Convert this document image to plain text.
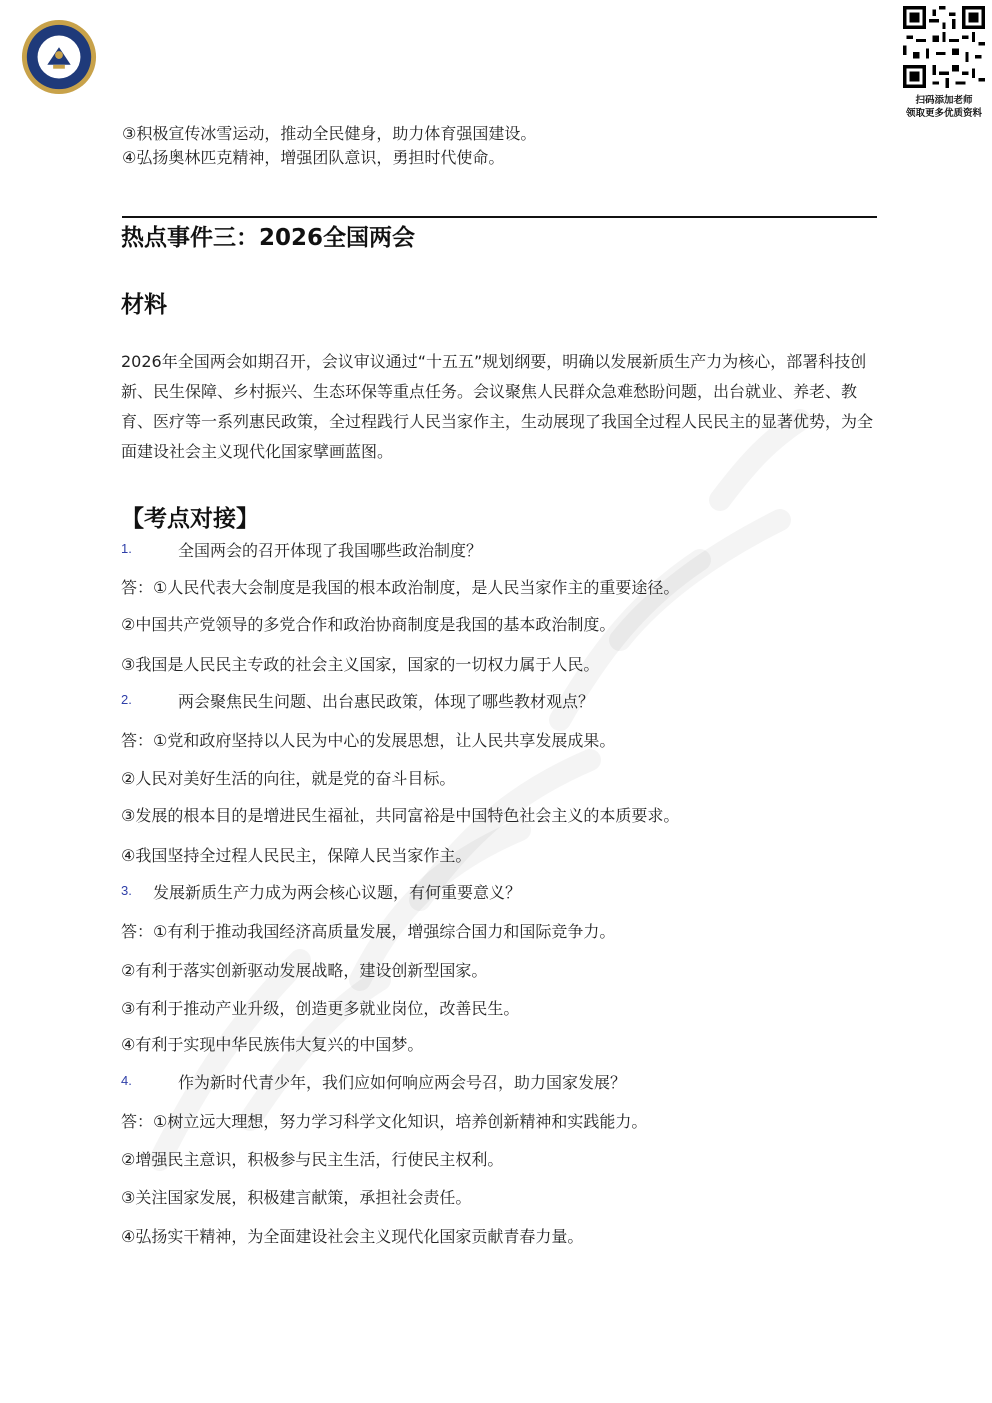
扫码添加老师
领取更多优质资料
③积极宣传冰雪运动，推动全民健身，助力体育强国建设。
④弘扬奥林匹克精神，增强团队意识，勇担时代使命。
热点事件三：2026全国两会
材料
2026年全国两会如期召开，会议审议通过“十五五”规划纲要，明确以发展新质生产力为核心，部署科技创新、民生保障、乡村振兴、生态环保等重点任务。会议聚焦人民群众急难愁盼问题，出台就业、养老、教育、医疗等一系列惠民政策，全过程践行人民当家作主，生动展现了我国全过程人民民主的显著优势，为全面建设社会主义现代化国家擘画蓝图。
【考点对接】
1.	全国两会的召开体现了我国哪些政治制度？
答：①人民代表大会制度是我国的根本政治制度，是人民当家作主的重要途径。
②中国共产党领导的多党合作和政治协商制度是我国的基本政治制度。
③我国是人民民主专政的社会主义国家，国家的一切权力属于人民。
2.	两会聚焦民生问题、出台惠民政策，体现了哪些教材观点？
答：①党和政府坚持以人民为中心的发展思想，让人民共享发展成果。
②人民对美好生活的向往，就是党的奋斗目标。
③发展的根本目的是增进民生福祉，共同富裕是中国特色社会主义的本质要求。
④我国坚持全过程人民民主，保障人民当家作主。
3. 发展新质生产力成为两会核心议题，有何重要意义？
答：①有利于推动我国经济高质量发展，增强综合国力和国际竞争力。
②有利于落实创新驱动发展战略，建设创新型国家。
③有利于推动产业升级，创造更多就业岗位，改善民生。
④有利于实现中华民族伟大复兴的中国梦。
4.	作为新时代青少年，我们应如何响应两会号召，助力国家发展？
答：①树立远大理想，努力学习科学文化知识，培养创新精神和实践能力。
②增强民主意识，积极参与民主生活，行使民主权利。
③关注国家发展，积极建言献策，承担社会责任。
④弘扬实干精神，为全面建设社会主义现代化国家贡献青春力量。
